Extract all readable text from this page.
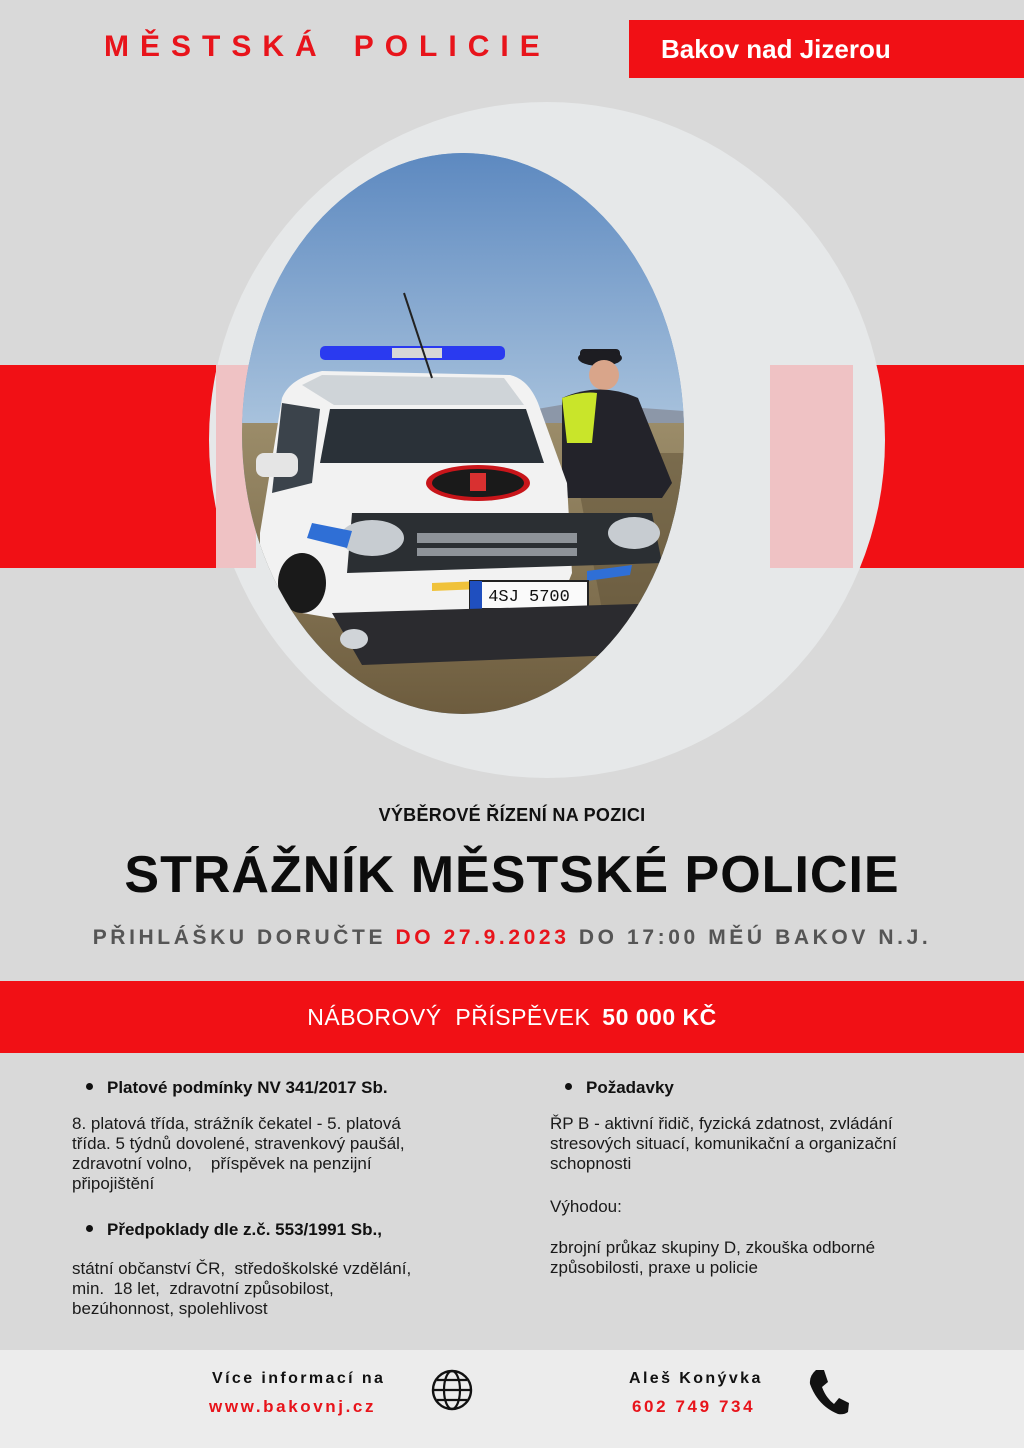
MĚSTSKÁ POLICIE	Bakov nad Jizerou
4SJ 5700
VÝBĚROVÉ ŘÍZENÍ NA POZICI
STRÁŽNÍK MĚSTSKÉ POLICIE
PŘIHLÁŠKU DORUČTE DO 27.9.2023 DO 17:00 MĚÚ BAKOV N.J.
NÁBOROVÝ  PŘÍSPĚVEK 50 000 KČ
Platové podmínky NV 341/2017 Sb.
8. platová třída, strážník čekatel - 5. platová
třída. 5 týdnů dovolené, stravenkový paušál,
zdravotní volno,    příspěvek na penzijní
připojištění
Předpoklady dle z.č. 553/1991 Sb.,
státní občanství ČR,  středoškolské vzdělání,
min.  18 let,  zdravotní způsobilost,
bezúhonnost, spolehlivost
Požadavky
ŘP B - aktivní řidič, fyzická zdatnost, zvládání
stresových situací, komunikační a organizační
schopnosti
Výhodou:
zbrojní průkaz skupiny D, zkouška odborné
způsobilosti, praxe u policie
Více informací na
www.bakovnj.cz
Aleš Konývka
602 749 734
